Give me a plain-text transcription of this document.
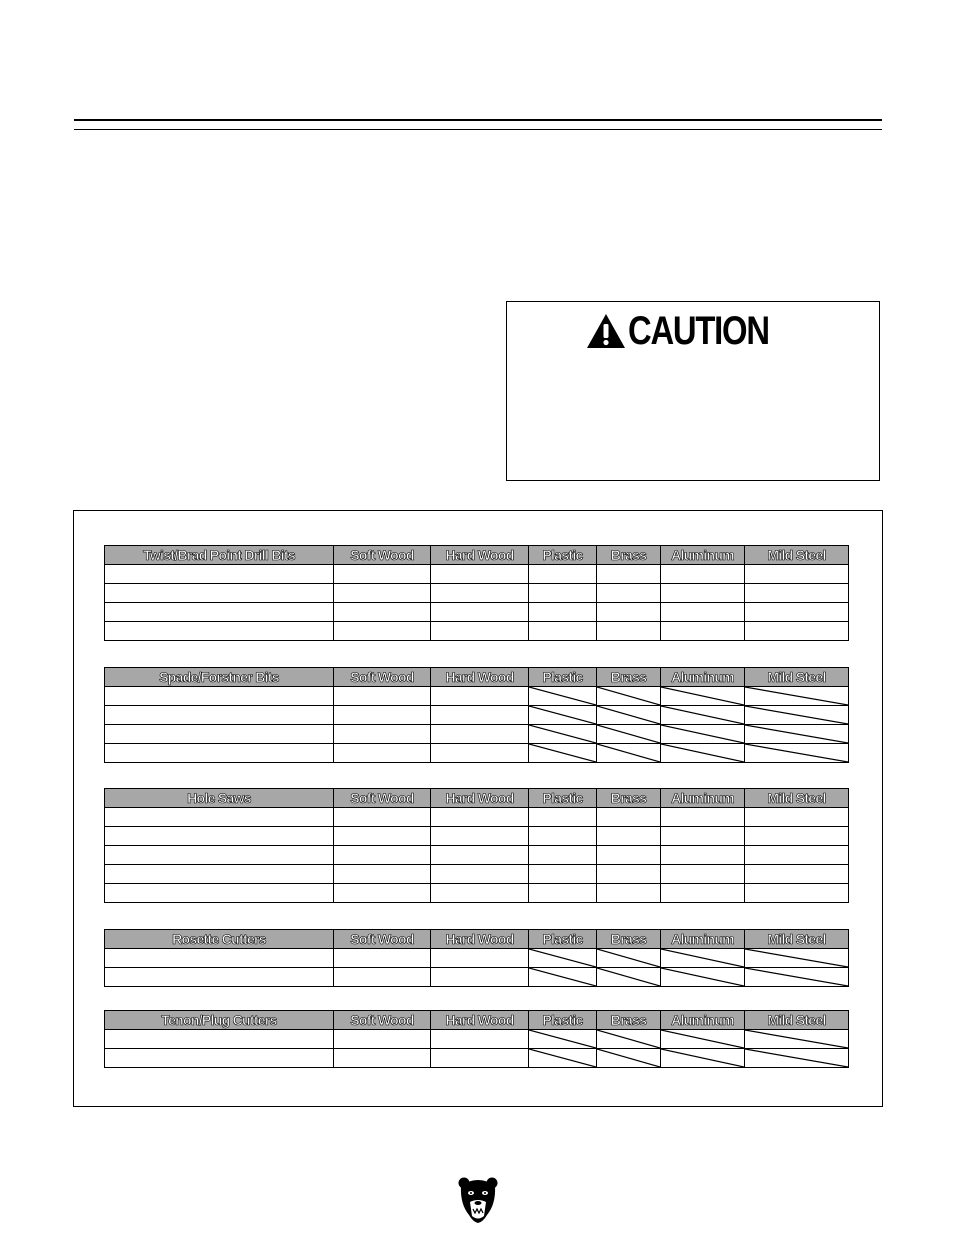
CAUTION
Twist/Brad Point Drill Bits	Soft Wood	Hard Wood	Plastic	Brass	Aluminum	Mild Steel

Spade/Forstner Bits	Soft Wood	Hard Wood	Plastic	Brass	Aluminum	Mild Steel

Hole Saws	Soft Wood	Hard Wood	Plastic	Brass	Aluminum	Mild Steel

Rosette Cutters	Soft Wood	Hard Wood	Plastic	Brass	Aluminum	Mild Steel

Tenon/Plug Cutters	Soft Wood	Hard Wood	Plastic	Brass	Aluminum	Mild Steel
